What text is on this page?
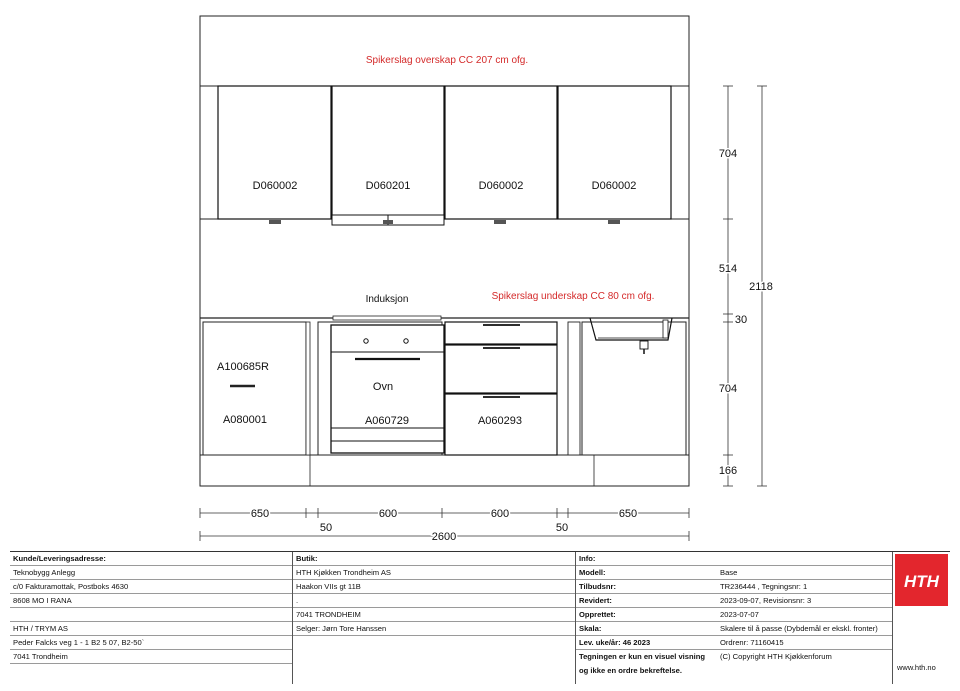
D060002	D060201	D060002	D060002
Spikerslag overskap CC 207 cm ofg.
Spikerslag underskap CC 80 cm ofg.
Induksjon
A100685R
A080001
Ovn
A060729	A060293
704
514
30
704
166
2118
650
50
600	600
50
650
2600
Kunde/Leveringsadresse:
Teknobygg Anlegg
c/0 Fakturamottak, Postboks 4630
8608 MO I RANA
HTH / TRYM AS
Peder Falcks veg 1 - 1 B2 5 07, B2-50`
7041 Trondheim
Butik:
HTH Kjøkken Trondheim AS
Haakon VIIs gt 11B
.
7041 TRONDHEIM
Selger: Jørn Tore Hanssen
Info:
Modell:	Base
Tilbudsnr:	TR236444 , Tegningsnr: 1
Revidert:	2023-09-07, Revisionsnr: 3
Opprettet:	2023-07-07
Skala:	Skalere til å passe (Dybdemål er ekskl. fronter)
Lev. uke/år: 46 2023	Ordrenr: 71160415
Tegningen er kun en visuel visning (C) Copyright HTH Kjøkkenforum
og ikke en ordre bekreftelse.
HTH
www.hth.no
